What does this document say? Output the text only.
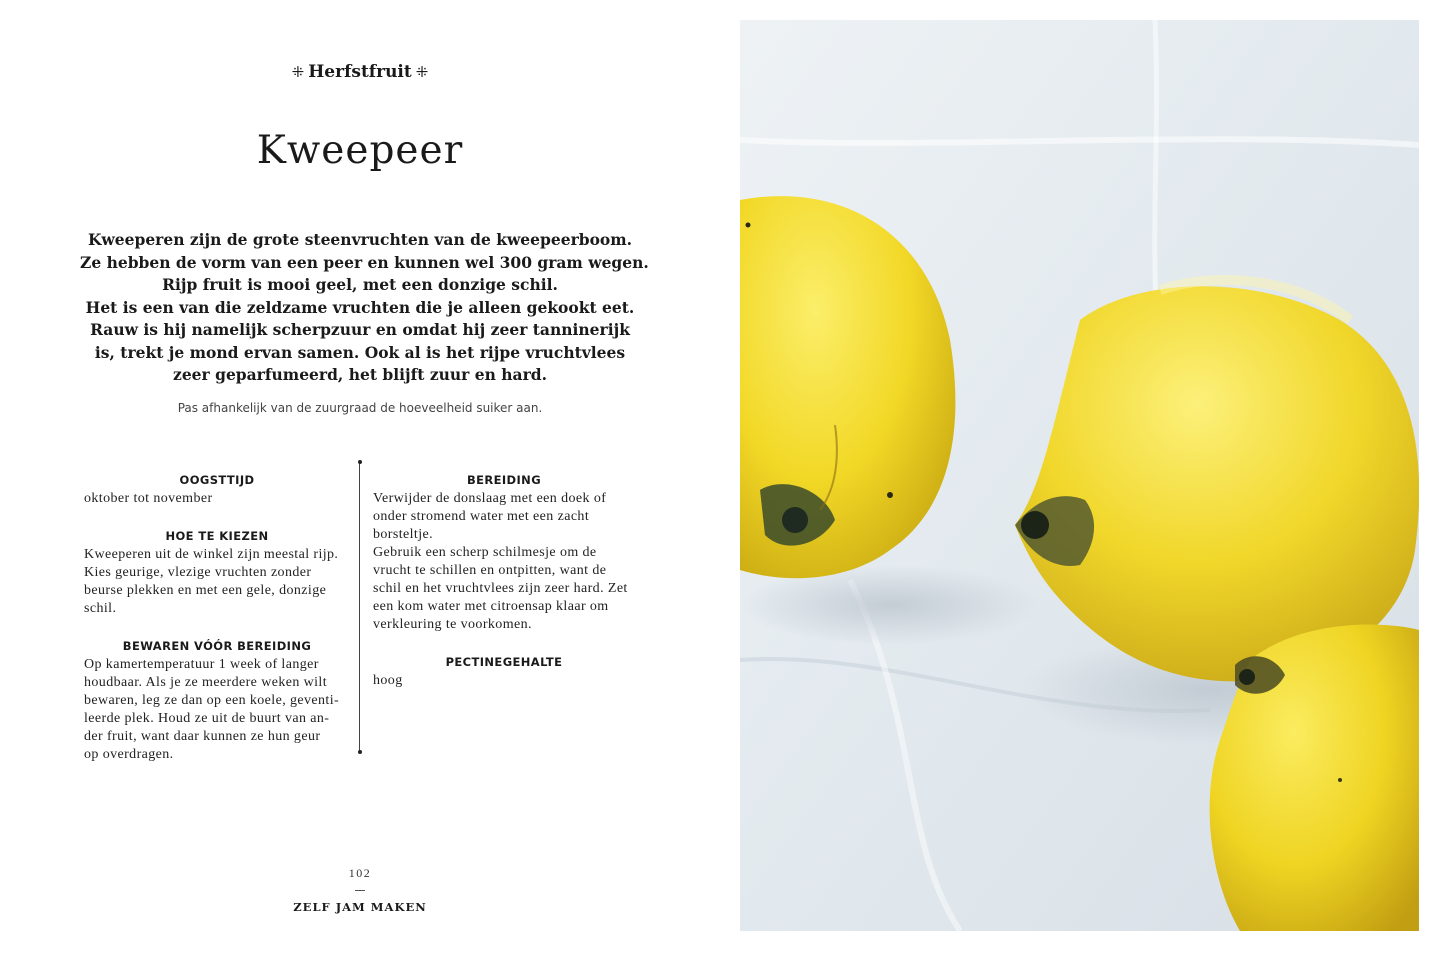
⁜ Herfstfruit ⁜
Kweepeer
Kweeperen zijn de grote steenvruchten van de kweepeerboom.
Ze hebben de vorm van een peer en kunnen wel 300 gram wegen.
Rijp fruit is mooi geel, met een donzige schil.
Het is een van die zeldzame vruchten die je alleen gekookt eet.
Rauw is hij namelijk scherpzuur en omdat hij zeer tanninerijk
is, trekt je mond ervan samen. Ook al is het rijpe vruchtvlees
zeer geparfumeerd, het blijft zuur en hard.
Pas afhankelijk van de zuurgraad de hoeveelheid suiker aan.
OOGSTTIJD
oktober tot november
HOE TE KIEZEN
Kweeperen uit de winkel zijn meestal rijp.
Kies geurige, vlezige vruchten zonder
beurse plekken en met een gele, donzige
schil.
BEWAREN VÓÓR BEREIDING
Op kamertemperatuur 1 week of langer
houdbaar. Als je ze meerdere weken wilt
bewaren, leg ze dan op een koele, geventi-
leerde plek. Houd ze uit de buurt van an-
der fruit, want daar kunnen ze hun geur
op overdragen.
BEREIDING
Verwijder de donslaag met een doek of
onder stromend water met een zacht
borsteltje.
Gebruik een scherp schilmesje om de
vrucht te schillen en ontpitten, want de
schil en het vruchtvlees zijn zeer hard. Zet
een kom water met citroensap klaar om
verkleuring te voorkomen.
PECTINEGEHALTE
hoog
102
ZELF JAM MAKEN
